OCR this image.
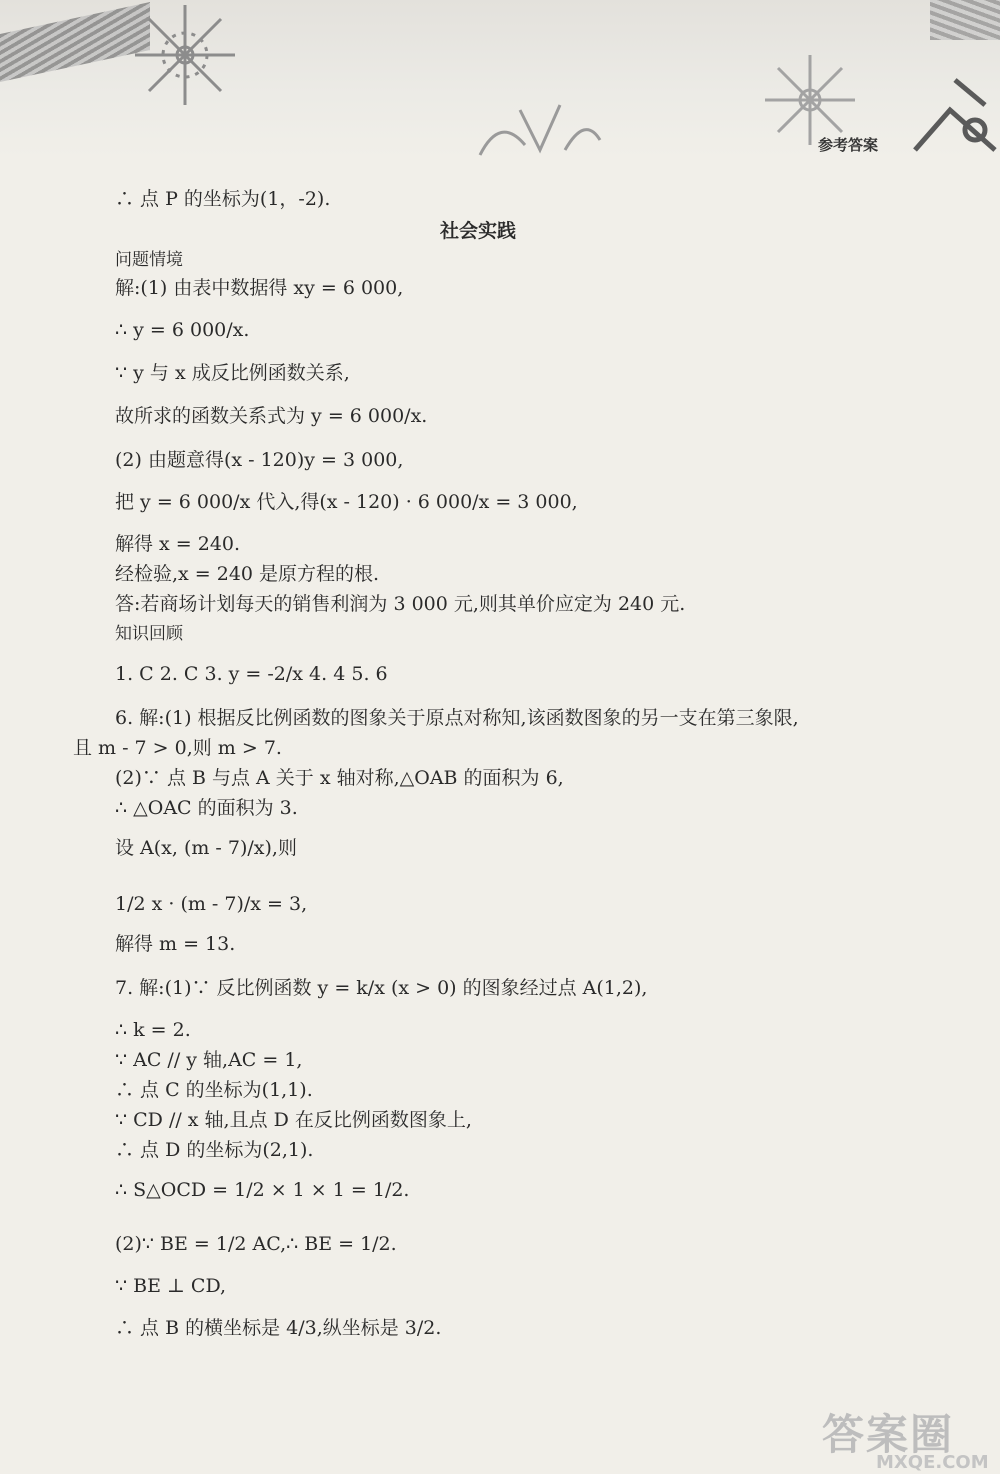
参考答案
社会实践
∴ 点 P 的坐标为(1，-2).
问题情境
解:(1) 由表中数据得 xy = 6 000,
∴ y = 6 000/x.
∵ y 与 x 成反比例函数关系,
故所求的函数关系式为 y = 6 000/x.
(2) 由题意得(x - 120)y = 3 000,
把 y = 6 000/x 代入,得(x - 120) · 6 000/x = 3 000,
解得 x = 240.
经检验,x = 240 是原方程的根.
答:若商场计划每天的销售利润为 3 000 元,则其单价应定为 240 元.
知识回顾
1. C 2. C 3. y = -2/x 4. 4 5. 6
6. 解:(1) 根据反比例函数的图象关于原点对称知,该函数图象的另一支在第三象限,
且 m - 7 > 0,则 m > 7.
(2)∵ 点 B 与点 A 关于 x 轴对称,△OAB 的面积为 6,
∴ △OAC 的面积为 3.
设 A(x, (m - 7)/x),则
1/2 x · (m - 7)/x = 3,
解得 m = 13.
7. 解:(1)∵ 反比例函数 y = k/x (x > 0) 的图象经过点 A(1,2),
∴ k = 2.
∵ AC // y 轴,AC = 1,
∴ 点 C 的坐标为(1,1).
∵ CD // x 轴,且点 D 在反比例函数图象上,
∴ 点 D 的坐标为(2,1).
∴ S△OCD = 1/2 × 1 × 1 = 1/2.
(2)∵ BE = 1/2 AC,∴ BE = 1/2.
∵ BE ⊥ CD,
∴ 点 B 的横坐标是 4/3,纵坐标是 3/2.
答案圈
MXQE.COM
